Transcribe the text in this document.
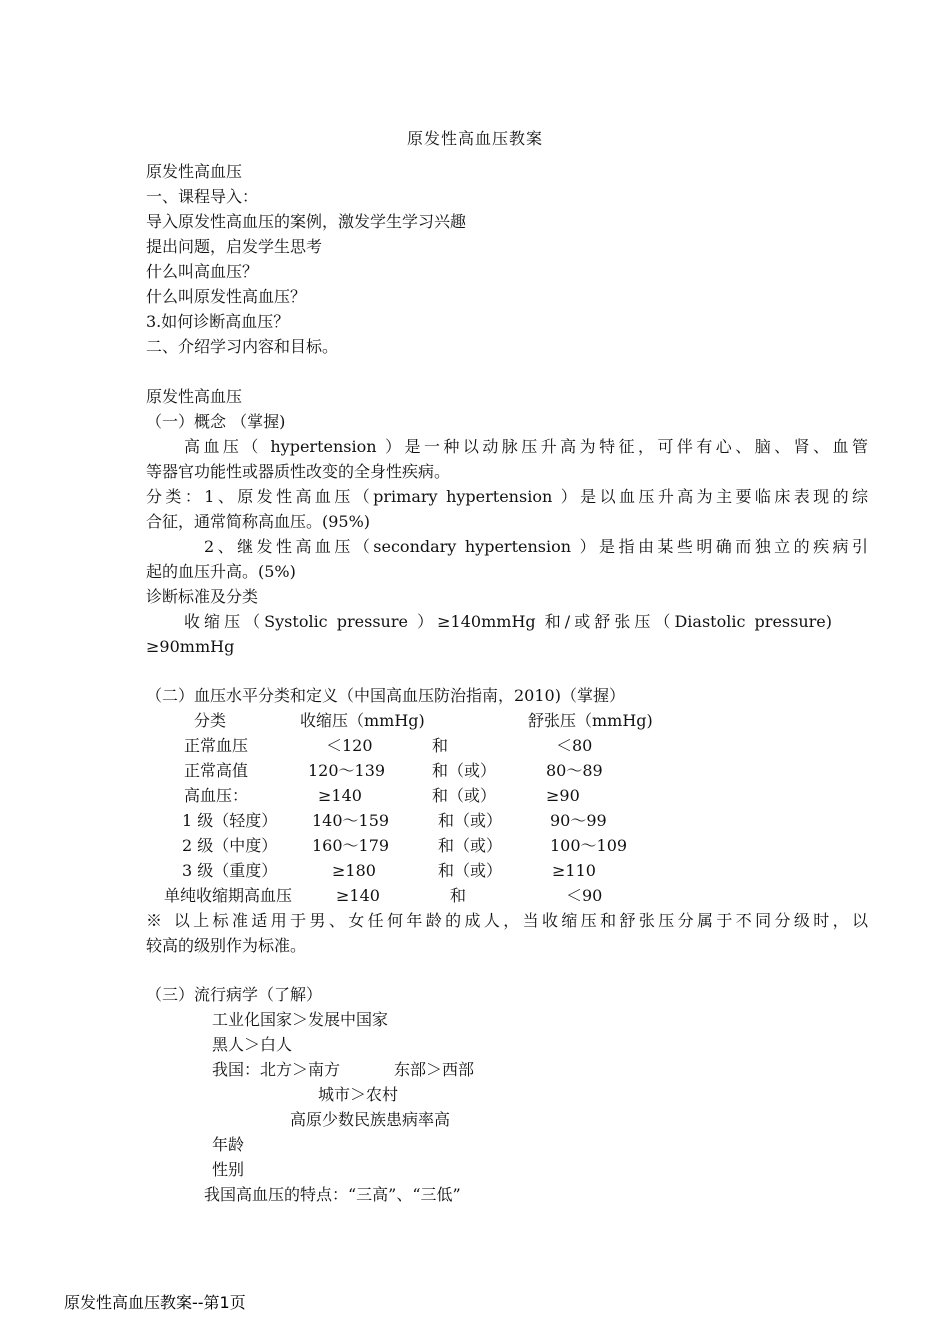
原发性高血压教案
原发性高血压
一、课程导入：
导入原发性高血压的案例，激发学生学习兴趣
提出问题，启发学生思考
什么叫高血压？
什么叫原发性高血压？
3.如何诊断高血压？
二、介绍学习内容和目标。
原发性高血压
（一）概念 （掌握)
高血压（ hypertension ）是一种以动脉压升高为特征，可伴有心、脑、肾、血管
等器官功能性或器质性改变的全身性疾病。
分类：1、原发性高血压（primary hypertension ）是以血压升高为主要临床表现的综
合征，通常简称高血压。(95%)
2、继发性高血压（secondary hypertension ）是指由某些明确而独立的疾病引
起的血压升高。(5%)
诊断标准及分类
收缩压（Systolic pressure ）≥140mmHg 和/或舒张压（Diastolic pressure)
≥90mmHg
（二）血压水平分类和定义（中国高血压防治指南，2010)（掌握）
分类	收缩压（mmHg)	舒张压（mmHg)
正常血压	＜120	和	＜80
正常高值	120～139	和（或）	80～89
高血压：	≥140	和（或）	≥90
1 级（轻度） 140～159	和（或）	90～99
2 级（中度） 160～179	和（或）	100～109
3 级（重度）	≥180	和（或）	≥110
单纯收缩期高血压	≥140	和	＜90
※ 以上标准适用于男、女任何年龄的成人，当收缩压和舒张压分属于不同分级时，以
较高的级别作为标准。
（三）流行病学（了解）
工业化国家＞发展中国家
黑人＞白人
我国：北方＞南方	东部＞西部
城市＞农村
高原少数民族患病率高
年龄
性别
我国高血压的特点：“三高”、“三低”
原发性高血压教案--第1页
